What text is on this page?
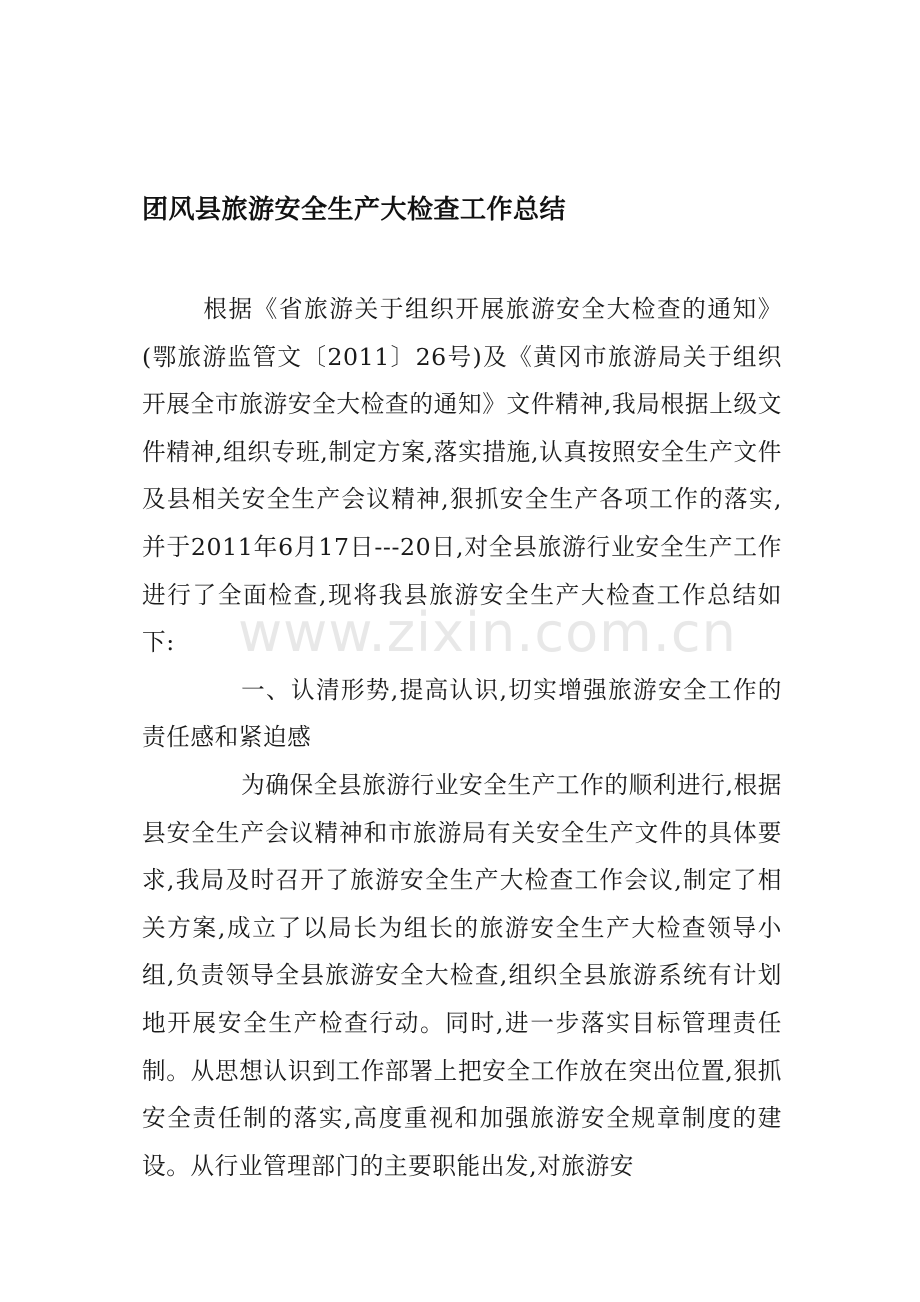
团风县旅游安全生产大检查工作总结

根据《省旅游关于组织开展旅游安全大检查的通知》(鄂旅游监管文〔2011〕26号)及《黄冈市旅游局关于组织开展全市旅游安全大检查的通知》文件精神,我局根据上级文件精神,组织专班,制定方案,落实措施,认真按照安全生产文件及县相关安全生产会议精神,狠抓安全生产各项工作的落实,并于2011年6月17日---20日,对全县旅游行业安全生产工作进行了全面检查,现将我县旅游安全生产大检查工作总结如下:

一、认清形势,提高认识,切实增强旅游安全工作的责任感和紧迫感

为确保全县旅游行业安全生产工作的顺利进行,根据县安全生产会议精神和市旅游局有关安全生产文件的具体要求,我局及时召开了旅游安全生产大检查工作会议,制定了相关方案,成立了以局长为组长的旅游安全生产大检查领导小组,负责领导全县旅游安全大检查,组织全县旅游系统有计划地开展安全生产检查行动。同时,进一步落实目标管理责任制。从思想认识到工作部署上把安全工作放在突出位置,狠抓安全责任制的落实,高度重视和加强旅游安全规章制度的建设。从行业管理部门的主要职能出发,对旅游安

www.zixin.com.cn
